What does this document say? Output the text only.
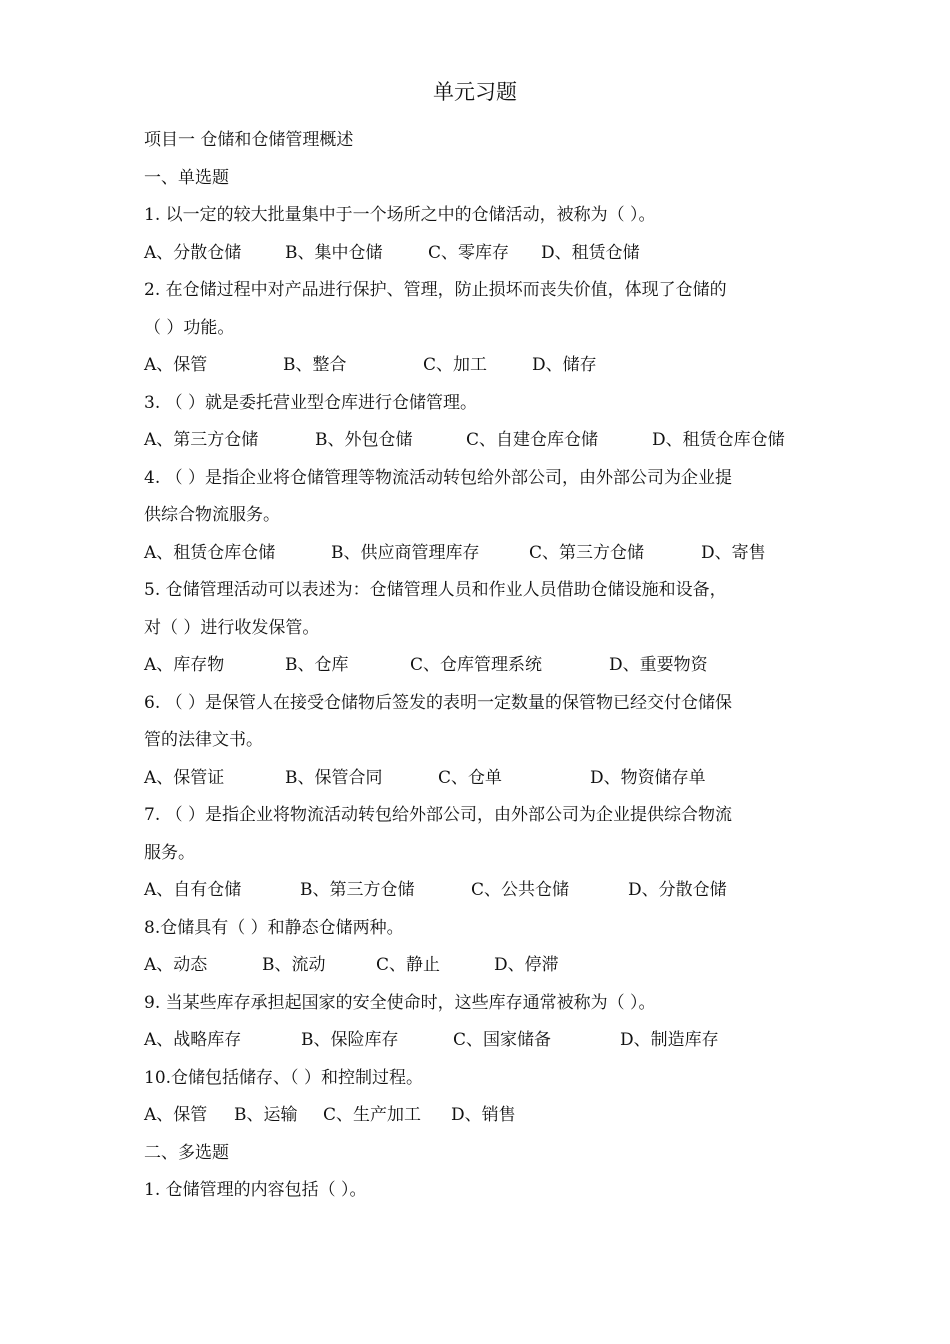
单元习题
项目一 仓储和仓储管理概述
一、单选题
1. 以一定的较大批量集中于一个场所之中的仓储活动，被称为（ ）。
A、分散仓储	B、集中仓储	C、零库存 D、租赁仓储
2. 在仓储过程中对产品进行保护、管理，防止损坏而丧失价值，体现了仓储的
（ ）功能。
A、保管	B、整合	C、加工	D、储存
3. （ ）就是委托营业型仓库进行仓储管理。
A、第三方仓储	B、外包仓储	C、自建仓库仓储	D、租赁仓库仓储
4. （ ）是指企业将仓储管理等物流活动转包给外部公司，由外部公司为企业提
供综合物流服务。
A、租赁仓库仓储	B、供应商管理库存	C、第三方仓储	D、寄售
5. 仓储管理活动可以表述为：仓储管理人员和作业人员借助仓储设施和设备，
对（ ）进行收发保管。
A、库存物	B、仓库	C、仓库管理系统	D、重要物资
6. （ ）是保管人在接受仓储物后签发的表明一定数量的保管物已经交付仓储保
管的法律文书。
A、保管证	B、保管合同	C、仓单	D、物资储存单
7. （ ）是指企业将物流活动转包给外部公司，由外部公司为企业提供综合物流
服务。
A、自有仓储	B、第三方仓储	C、公共仓储	D、分散仓储
8.仓储具有（ ）和静态仓储两种。
A、动态	B、流动	C、静止	D、停滞
9. 当某些库存承担起国家的安全使命时，这些库存通常被称为（ ）。
A、战略库存	B、保险库存	C、国家储备	D、制造库存
10.仓储包括储存、（ ）和控制过程。
A、保管 B、运输 C、生产加工 D、销售
二、多选题
1. 仓储管理的内容包括（ ）。
